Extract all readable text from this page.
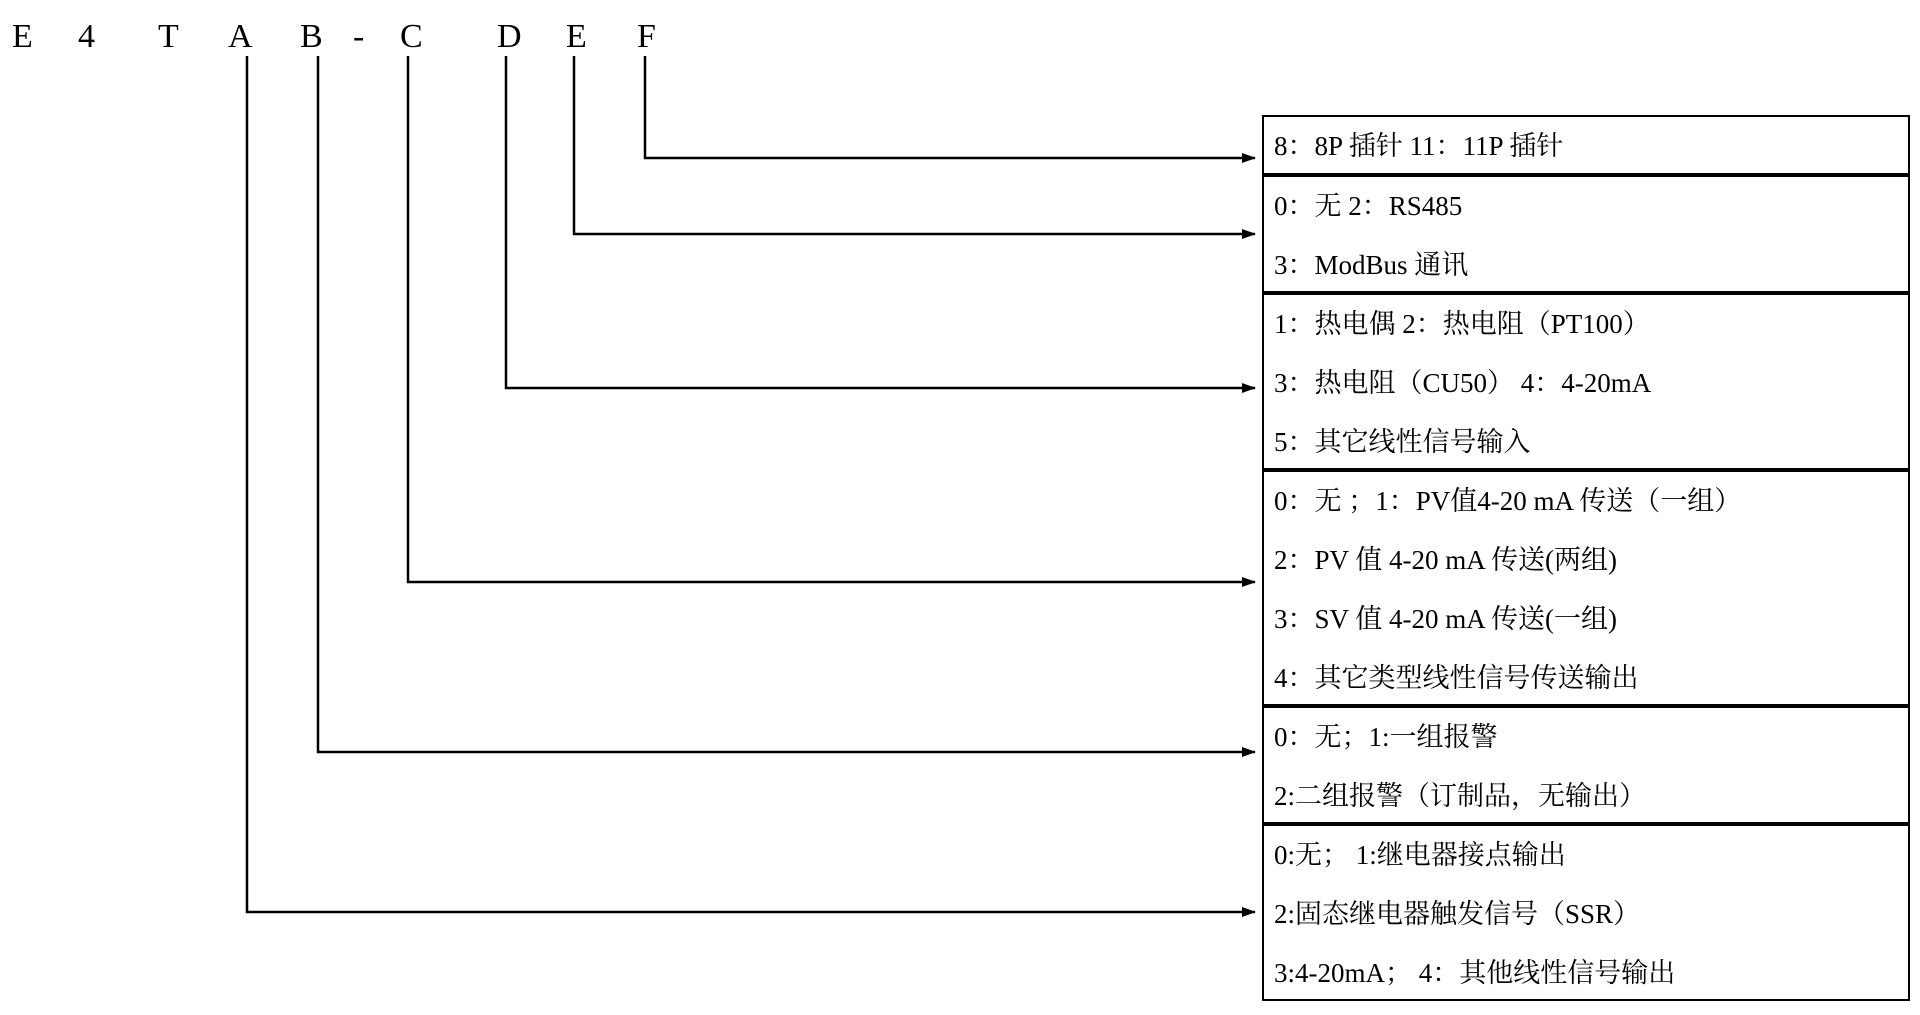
E 4 T A B - C D E F
8：8P 插针 11：11P 插针
0：无 2：RS485
3：ModBus 通讯
1：热电偶 2：热电阻（PT100）
3：热电阻（CU50） 4：4-20mA
5：其它线性信号输入
0：无 ；1：PV值4-20 mA 传送（一组）
2：PV 值 4-20 mA 传送(两组)
3：SV 值 4-20 mA 传送(一组)
4：其它类型线性信号传送输出
0：无；1:一组报警
2:二组报警（订制品，无输出）
0:无； 1:继电器接点输出
2:固态继电器触发信号（SSR）
3:4-20mA； 4：其他线性信号输出
